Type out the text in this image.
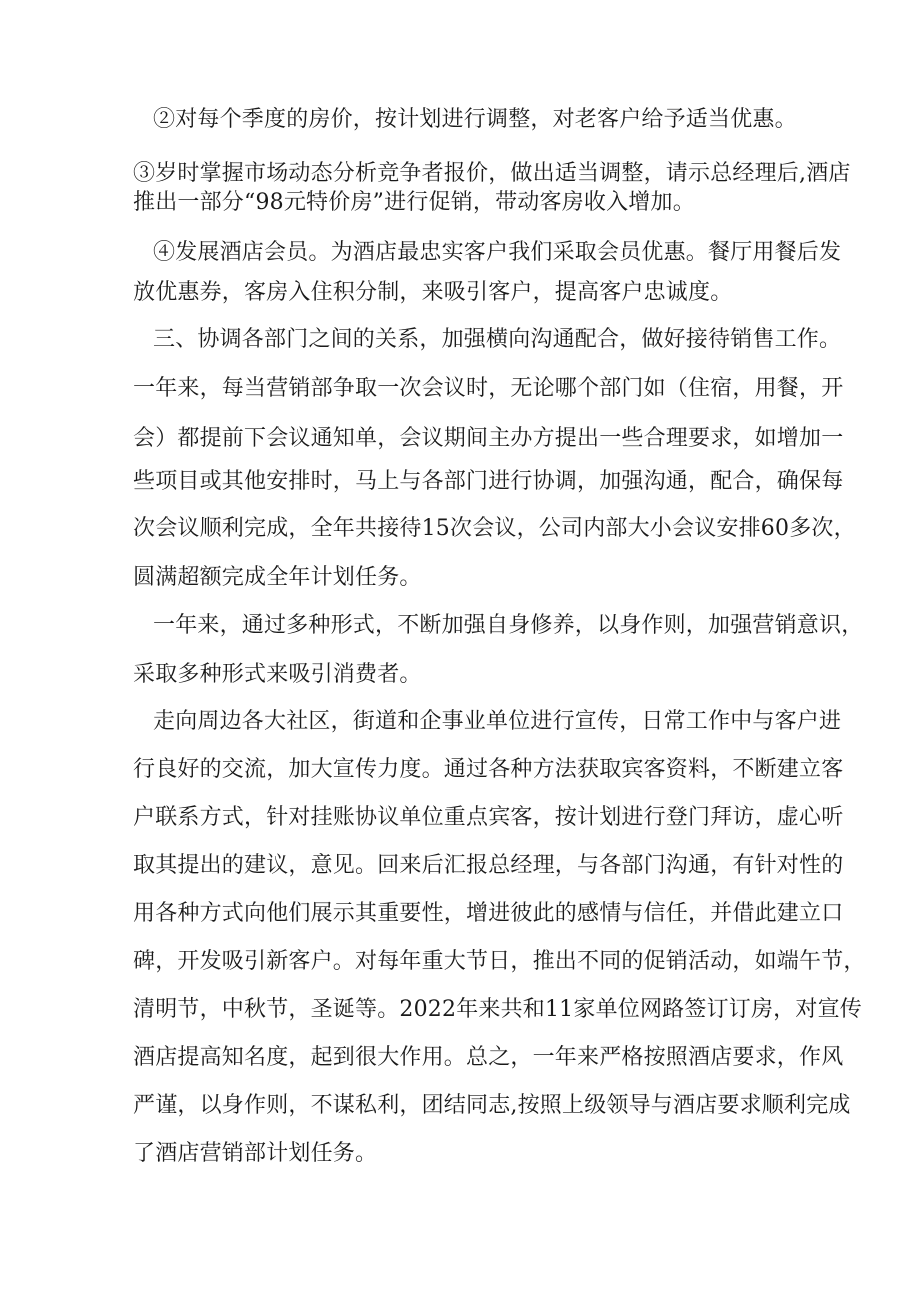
②对每个季度的房价，按计划进行调整，对老客户给予适当优惠。
③岁时掌握市场动态分析竞争者报价，做出适当调整，请示总经理后,酒店
推出一部分“98元特价房”进行促销，带动客房收入增加。
④发展酒店会员。为酒店最忠实客户我们采取会员优惠。餐厅用餐后发
放优惠券，客房入住积分制，来吸引客户，提高客户忠诚度。
三、协调各部门之间的关系，加强横向沟通配合，做好接待销售工作。
一年来，每当营销部争取一次会议时，无论哪个部门如（住宿，用餐，开
会）都提前下会议通知单，会议期间主办方提出一些合理要求，如增加一
些项目或其他安排时，马上与各部门进行协调，加强沟通，配合，确保每
次会议顺利完成，全年共接待15次会议，公司内部大小会议安排60多次，
圆满超额完成全年计划任务。
一年来，通过多种形式，不断加强自身修养，以身作则，加强营销意识，
采取多种形式来吸引消费者。
走向周边各大社区，街道和企事业单位进行宣传，日常工作中与客户进
行良好的交流，加大宣传力度。通过各种方法获取宾客资料，不断建立客
户联系方式，针对挂账协议单位重点宾客，按计划进行登门拜访，虚心听
取其提出的建议，意见。回来后汇报总经理，与各部门沟通，有针对性的
用各种方式向他们展示其重要性，增进彼此的感情与信任，并借此建立口
碑，开发吸引新客户。对每年重大节日，推出不同的促销活动，如端午节，
清明节，中秋节，圣诞等。2022年来共和11家单位网路签订订房，对宣传
酒店提高知名度，起到很大作用。总之，一年来严格按照酒店要求，作风
严谨，以身作则，不谋私利，团结同志,按照上级领导与酒店要求顺利完成
了酒店营销部计划任务。
